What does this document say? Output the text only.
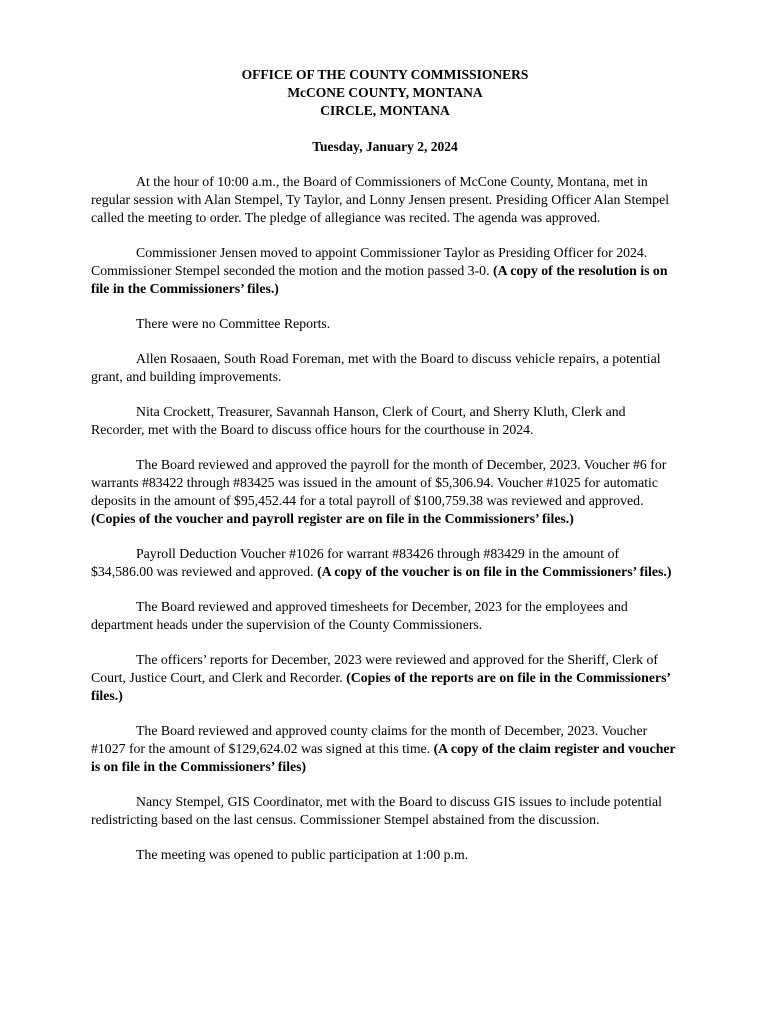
OFFICE OF THE COUNTY COMMISSIONERS
McCONE COUNTY, MONTANA
CIRCLE, MONTANA
Tuesday, January 2, 2024

At the hour of 10:00 a.m., the Board of Commissioners of McCone County, Montana, met in regular session with Alan Stempel, Ty Taylor, and Lonny Jensen present. Presiding Officer Alan Stempel called the meeting to order. The pledge of allegiance was recited. The agenda was approved.

Commissioner Jensen moved to appoint Commissioner Taylor as Presiding Officer for 2024. Commissioner Stempel seconded the motion and the motion passed 3-0. (A copy of the resolution is on file in the Commissioners’ files.)

There were no Committee Reports.

Allen Rosaaen, South Road Foreman, met with the Board to discuss vehicle repairs, a potential grant, and building improvements.

Nita Crockett, Treasurer, Savannah Hanson, Clerk of Court, and Sherry Kluth, Clerk and Recorder, met with the Board to discuss office hours for the courthouse in 2024.

The Board reviewed and approved the payroll for the month of December, 2023. Voucher #6 for warrants #83422 through #83425 was issued in the amount of $5,306.94. Voucher #1025 for automatic deposits in the amount of $95,452.44 for a total payroll of $100,759.38 was reviewed and approved. (Copies of the voucher and payroll register are on file in the Commissioners’ files.)

Payroll Deduction Voucher #1026 for warrant #83426 through #83429 in the amount of $34,586.00 was reviewed and approved. (A copy of the voucher is on file in the Commissioners’ files.)

The Board reviewed and approved timesheets for December, 2023 for the employees and department heads under the supervision of the County Commissioners.

The officers’ reports for December, 2023 were reviewed and approved for the Sheriff, Clerk of Court, Justice Court, and Clerk and Recorder. (Copies of the reports are on file in the Commissioners’ files.)

The Board reviewed and approved county claims for the month of December, 2023. Voucher #1027 for the amount of $129,624.02 was signed at this time. (A copy of the claim register and voucher is on file in the Commissioners’ files)

Nancy Stempel, GIS Coordinator, met with the Board to discuss GIS issues to include potential redistricting based on the last census. Commissioner Stempel abstained from the discussion.

The meeting was opened to public participation at 1:00 p.m.
